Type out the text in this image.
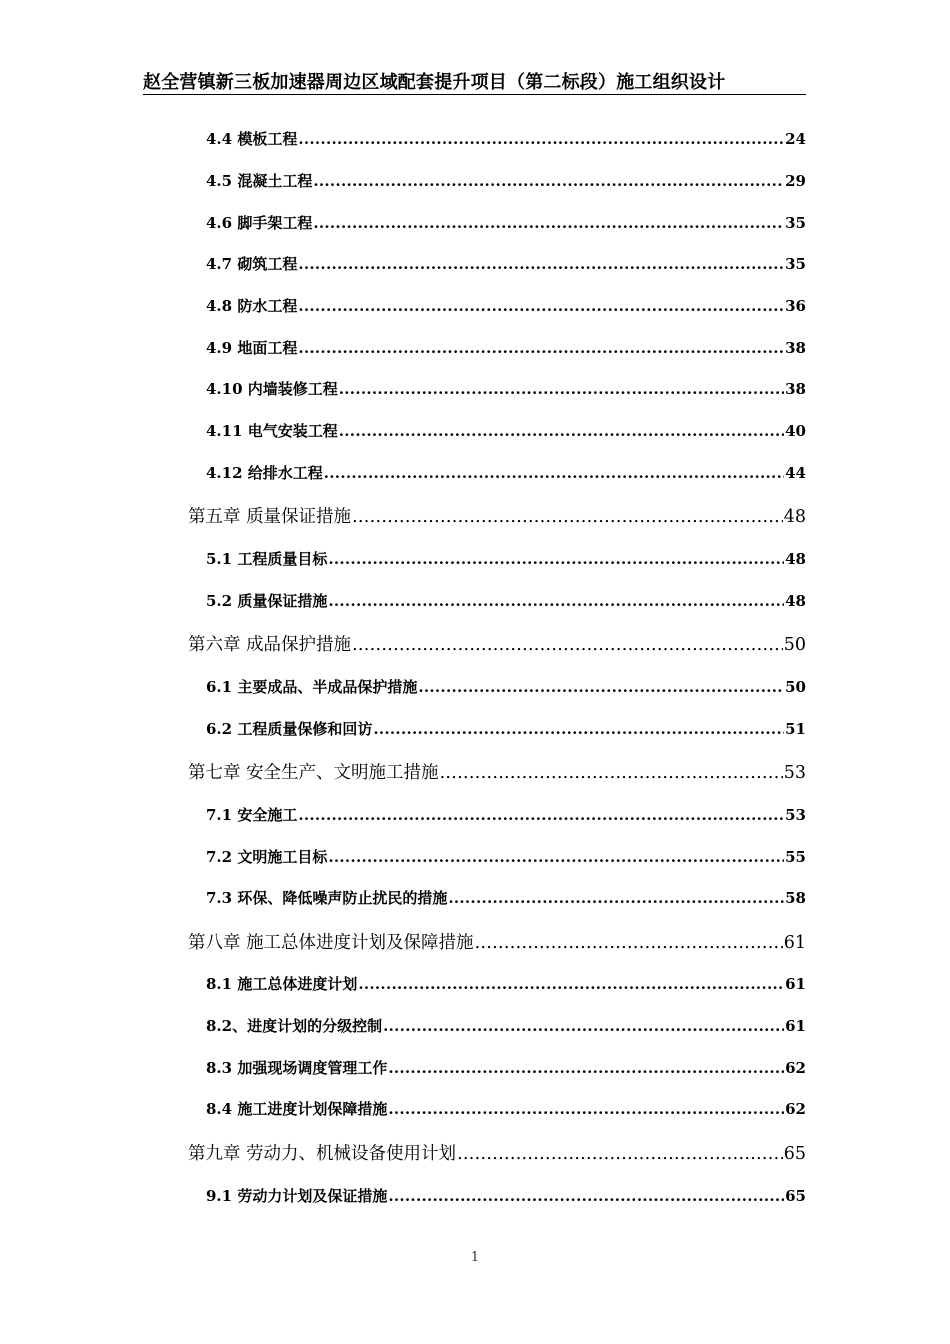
赵全营镇新三板加速器周边区域配套提升项目（第二标段）施工组织设计
4.4 模板工程 .....	24
4.5 混凝土工程 .....	29
4.6 脚手架工程 .....	35
4.7 砌筑工程 .....	35
4.8 防水工程 .....	36
4.9 地面工程 .....	38
4.10 内墙装修工程 .....	38
4.11 电气安装工程 .....	40
4.12 给排水工程 .....	44
第五章 质量保证措施 .....	48
5.1 工程质量目标 .....	48
5.2 质量保证措施 .....	48
第六章 成品保护措施 .....	50
6.1 主要成品、半成品保护措施 .....	50
6.2 工程质量保修和回访 .....	51
第七章 安全生产、文明施工措施 .....	53
7.1 安全施工 .....	53
7.2 文明施工目标 .....	55
7.3 环保、降低噪声防止扰民的措施 .....	58
第八章 施工总体进度计划及保障措施 .....	61
8.1 施工总体进度计划 .....	61
8.2、进度计划的分级控制 .....	61
8.3 加强现场调度管理工作 .....	62
8.4 施工进度计划保障措施 .....	62
第九章 劳动力、机械设备使用计划 .....	65
9.1 劳动力计划及保证措施 .....	65
1
